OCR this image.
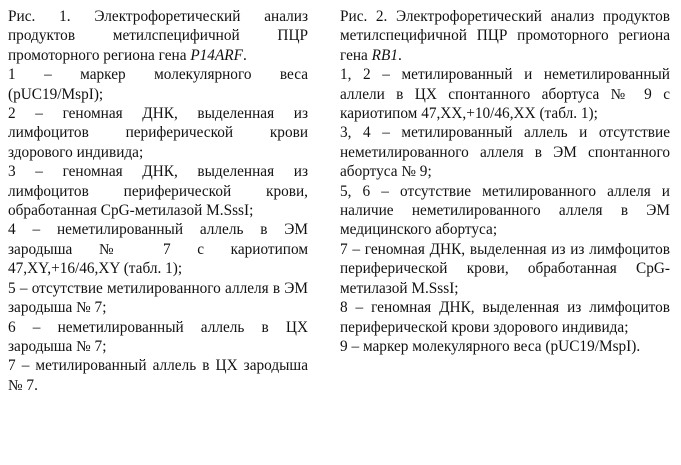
Рис. 1. Электрофоретический анализ продуктов метилспецифичной ПЦР промоторного региона гена P14ARF.

1 – маркер молекулярного веса (pUC19/MspI);

2 – геномная ДНК, выделенная из лимфоцитов периферической крови здорового индивида;

3 – геномная ДНК, выделенная из лимфоцитов периферической крови, обработанная CpG-метилазой M.SssI;

4 – неметилированный аллель в ЭМ зародыша № 7 с кариотипом 47,XY,+16/46,XY (табл. 1);

5 – отсутствие метилированного аллеля в ЭМ зародыша № 7;

6 – неметилированный аллель в ЦХ зародыша № 7;

7 – метилированный аллель в ЦХ зародыша № 7.

Рис. 2. Электрофоретический анализ продуктов метилспецифичной ПЦР промоторного региона гена RB1.

1, 2 – метилированный и неметилированный аллели в ЦХ спонтанного абортуса № 9 с кариотипом 47,XX,+10/46,XX (табл. 1);

3, 4 – метилированный аллель и отсутствие неметилированного аллеля в ЭМ спонтанного абортуса № 9;

5, 6 – отсутствие метилированного аллеля и наличие неметилированного аллеля в ЭМ медицинского абортуса;

7 – геномная ДНК, выделенная из из лимфоцитов периферической крови, обработанная CpG-метилазой M.SssI;

8 – геномная ДНК, выделенная из лимфоцитов периферической крови здорового индивида;

9 – маркер молекулярного веса (pUC19/MspI).
